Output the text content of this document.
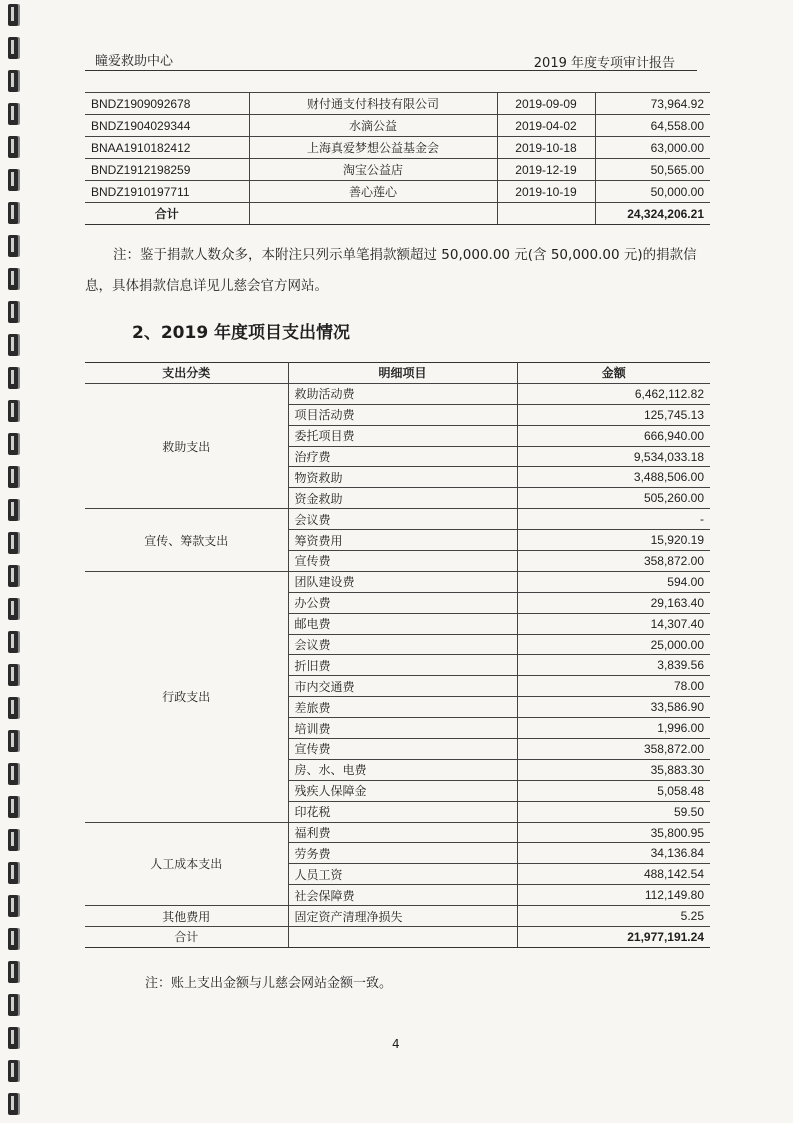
瞳爱救助中心	2019 年度专项审计报告
BNDZ1909092678	财付通支付科技有限公司	2019-09-09	73,964.92
BNDZ1904029344	水滴公益	2019-04-02	64,558.00
BNAA1910182412	上海真爱梦想公益基金会	2019-10-18	63,000.00
BNDZ1912198259	淘宝公益店	2019-12-19	50,565.00
BNDZ1910197711	善心莲心	2019-10-19	50,000.00
合计			24,324,206.21
注：鉴于捐款人数众多，本附注只列示单笔捐款额超过 50,000.00 元(含 50,000.00 元)的捐款信息，具体捐款信息详见儿慈会官方网站。
2、2019 年度项目支出情况
支出分类	明细项目	金额
救助支出	救助活动费	6,462,112.82
	项目活动费	125,745.13
	委托项目费	666,940.00
	治疗费	9,534,033.18
	物资救助	3,488,506.00
	资金救助	505,260.00
宣传、筹款支出	会议费	-
	筹资费用	15,920.19
	宣传费	358,872.00
行政支出	团队建设费	594.00
	办公费	29,163.40
	邮电费	14,307.40
	会议费	25,000.00
	折旧费	3,839.56
	市内交通费	78.00
	差旅费	33,586.90
	培训费	1,996.00
	宣传费	358,872.00
	房、水、电费	35,883.30
	残疾人保障金	5,058.48
	印花税	59.50
人工成本支出	福利费	35,800.95
	劳务费	34,136.84
	人员工资	488,142.54
	社会保障费	112,149.80
其他费用	固定资产清理净损失	5.25
合计		21,977,191.24
注：账上支出金额与儿慈会网站金额一致。
4
